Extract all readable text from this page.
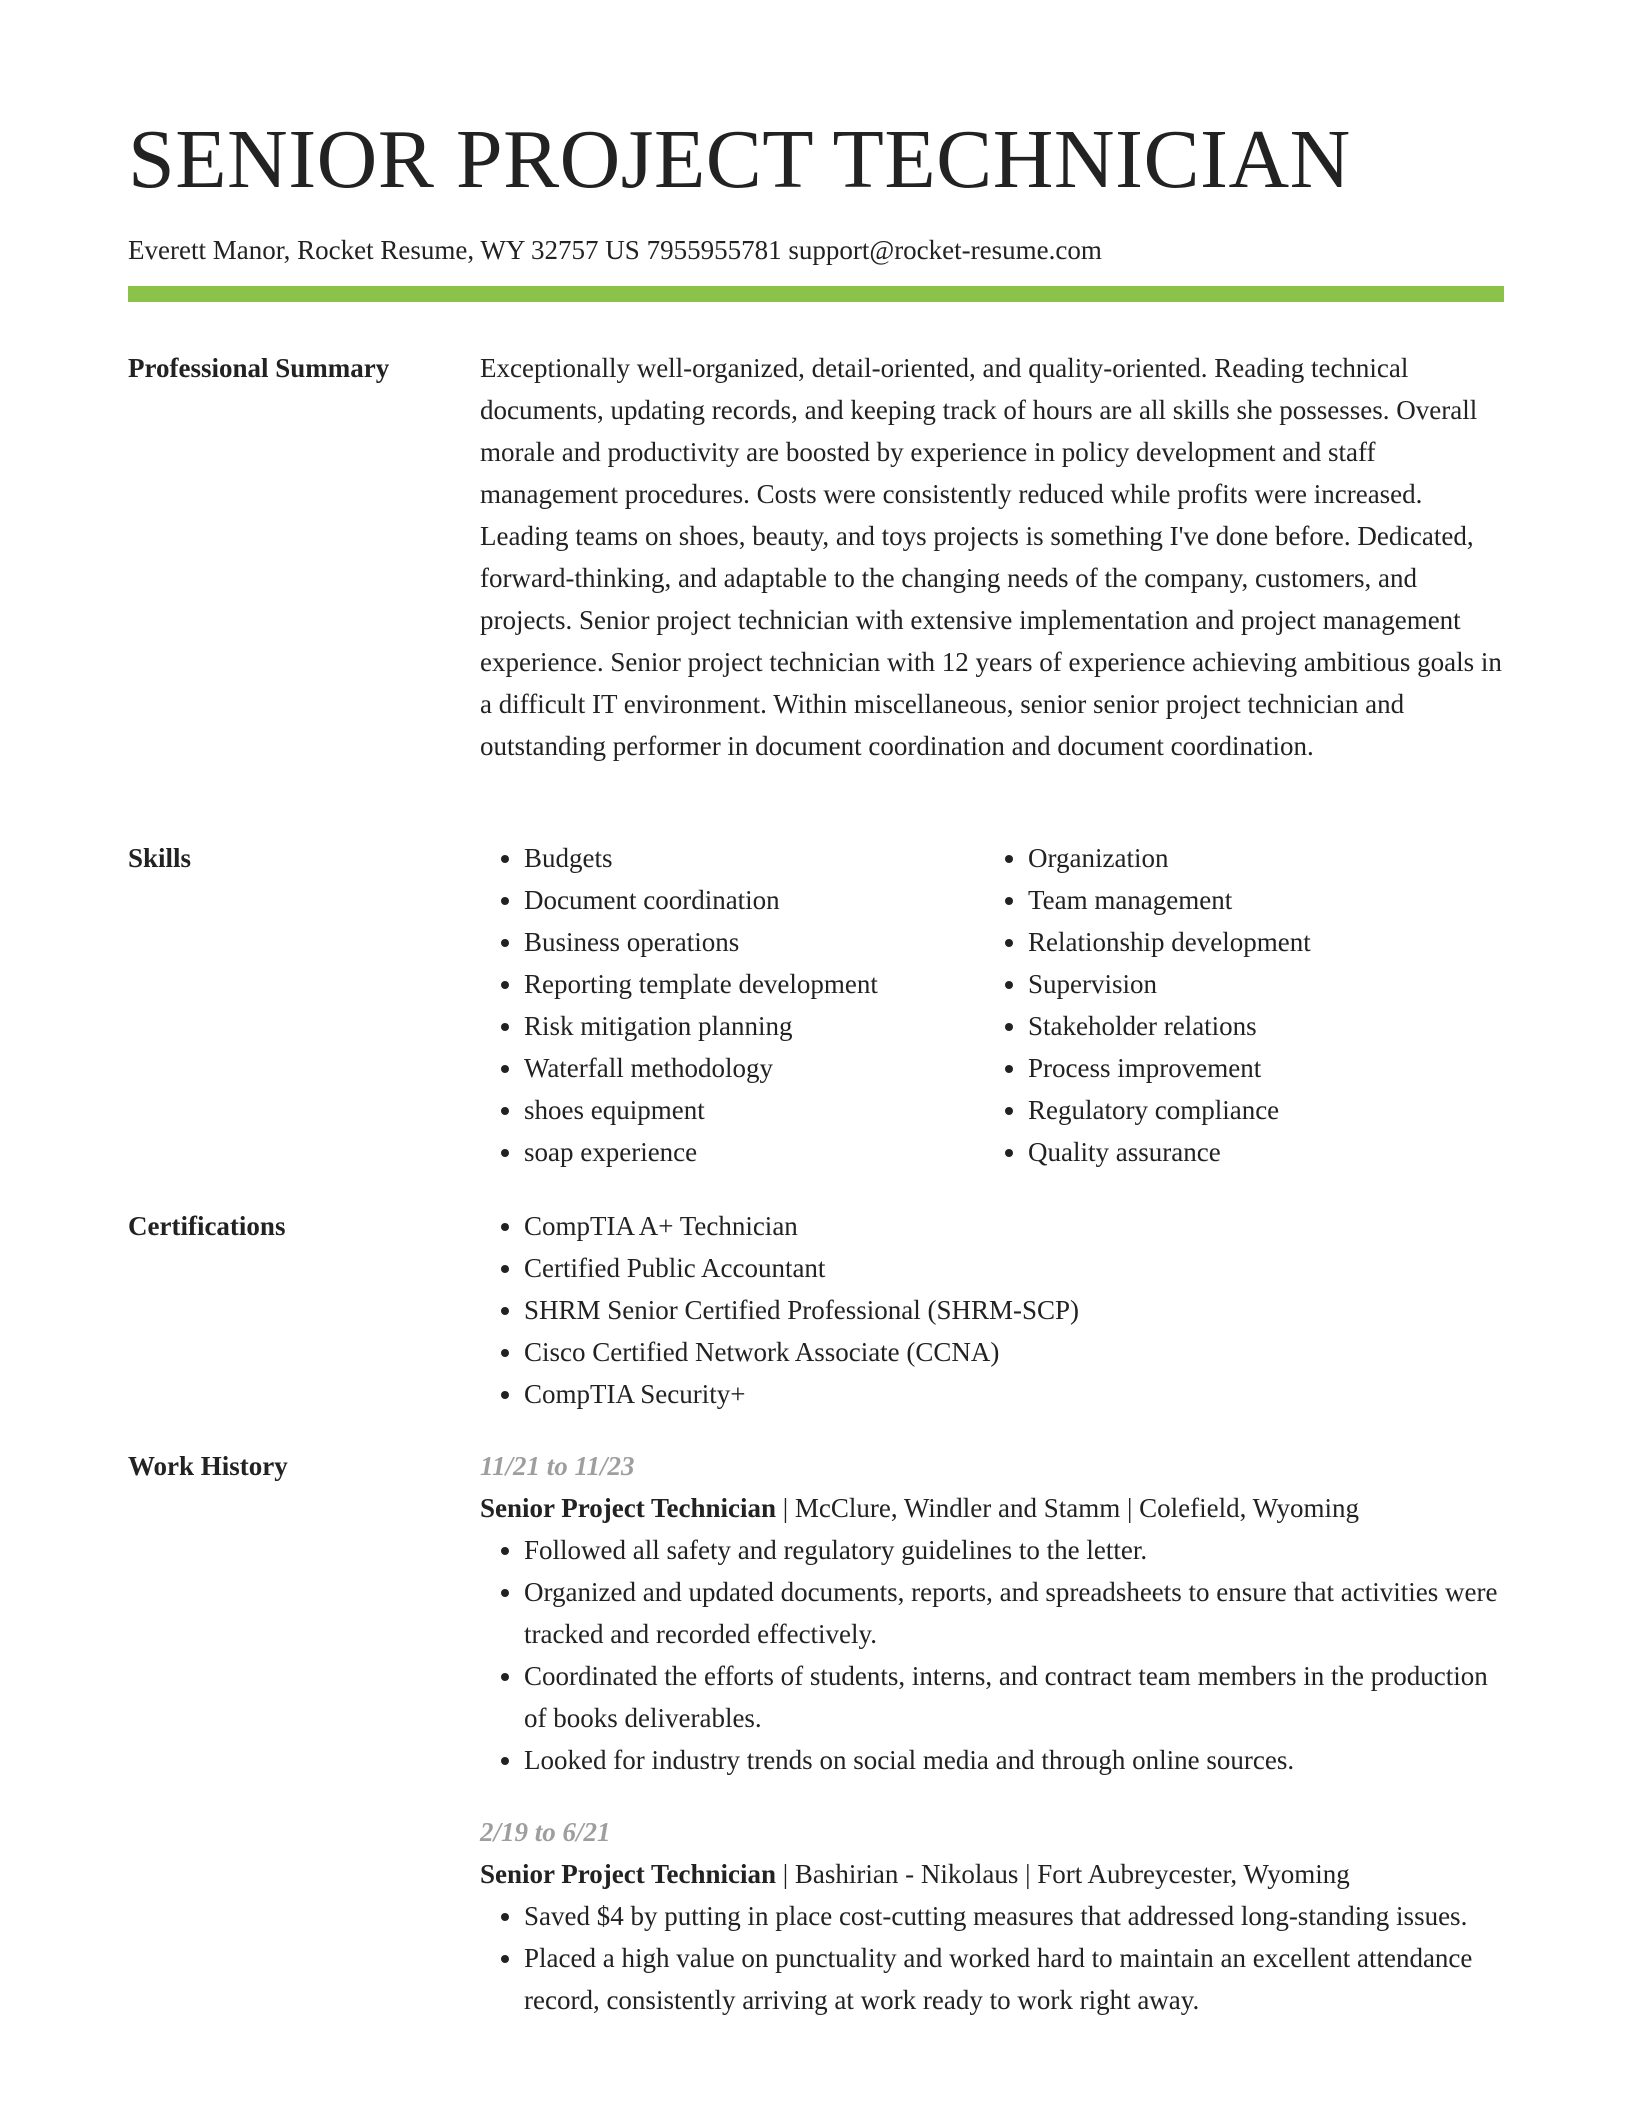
SENIOR PROJECT TECHNICIAN
Everett Manor, Rocket Resume, WY 32757 US 7955955781 support@rocket-resume.com
Professional Summary	Exceptionally well-organized, detail-oriented, and quality-oriented. Reading technical documents, updating records, and keeping track of hours are all skills she possesses. Overall morale and productivity are boosted by experience in policy development and staff management procedures. Costs were consistently reduced while profits were increased. Leading teams on shoes, beauty, and toys projects is something I've done before. Dedicated, forward-thinking, and adaptable to the changing needs of the company, customers, and projects. Senior project technician with extensive implementation and project management experience. Senior project technician with 12 years of experience achieving ambitious goals in a difficult IT environment. Within miscellaneous, senior senior project technician and outstanding performer in document coordination and document coordination.

Skills	• Budgets
• Document coordination
• Business operations
• Reporting template development
• Risk mitigation planning
• Waterfall methodology
• shoes equipment
• soap experience
• Organization
• Team management
• Relationship development
• Supervision
• Stakeholder relations
• Process improvement
• Regulatory compliance
• Quality assurance
Certifications	• CompTIA A+ Technician
• Certified Public Accountant
• SHRM Senior Certified Professional (SHRM-SCP)
• Cisco Certified Network Associate (CCNA)
• CompTIA Security+
Work History	11/21 to 11/23
Senior Project Technician | McClure, Windler and Stamm | Colefield, Wyoming
• Followed all safety and regulatory guidelines to the letter.
• Organized and updated documents, reports, and spreadsheets to ensure that activities were tracked and recorded effectively.
• Coordinated the efforts of students, interns, and contract team members in the production of books deliverables.
• Looked for industry trends on social media and through online sources.
2/19 to 6/21
Senior Project Technician | Bashirian - Nikolaus | Fort Aubreycester, Wyoming
• Saved $4 by putting in place cost-cutting measures that addressed long-standing issues.
• Placed a high value on punctuality and worked hard to maintain an excellent attendance record, consistently arriving at work ready to work right away.
